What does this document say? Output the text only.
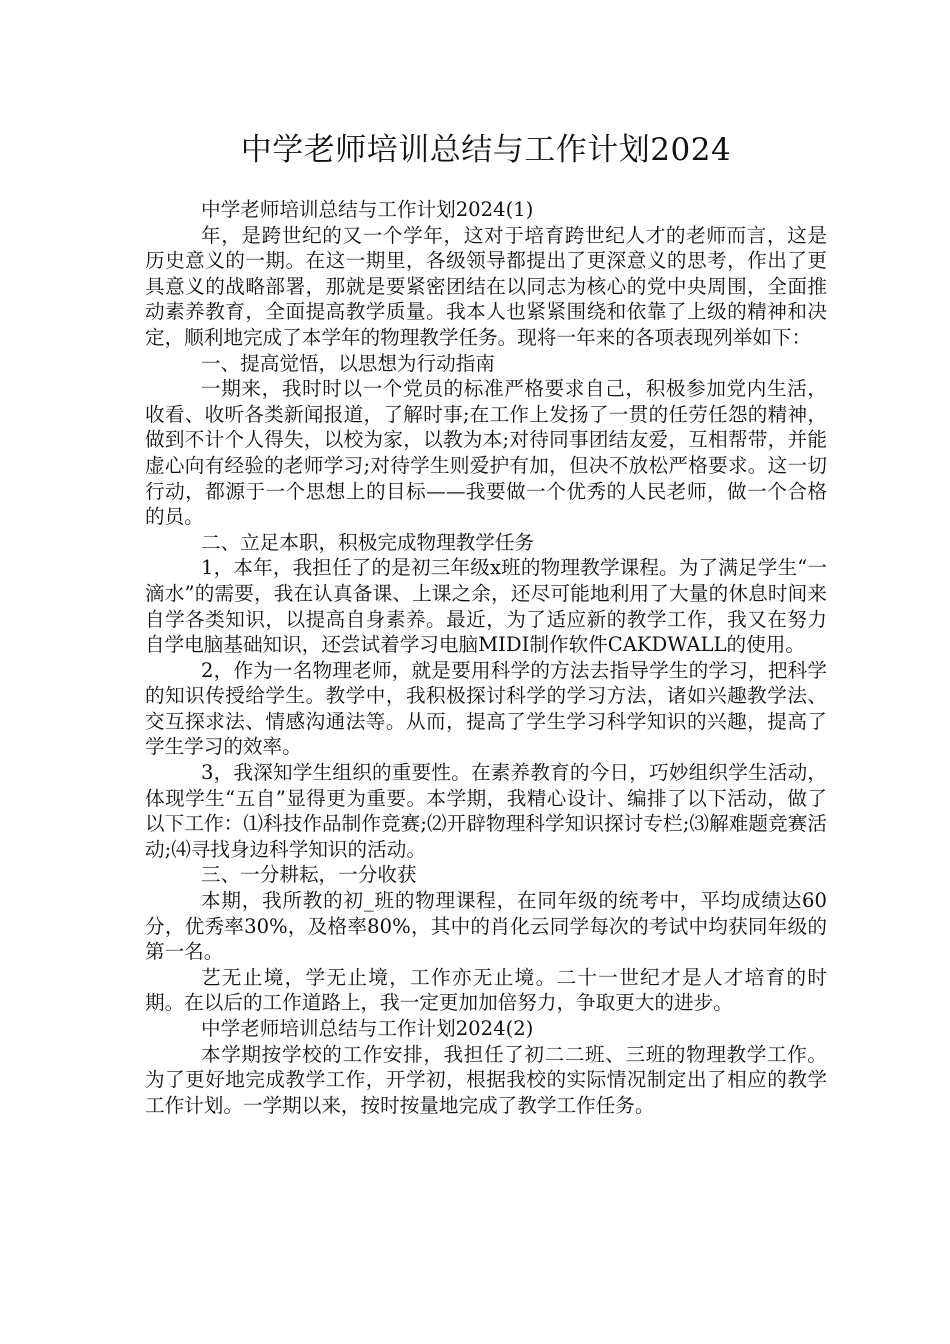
中学老师培训总结与工作计划2024

中学老师培训总结与工作计划2024(1)

年，是跨世纪的又一个学年，这对于培育跨世纪人才的老师而言，这是历史意义的一期。在这一期里，各级领导都提出了更深意义的思考，作出了更具意义的战略部署，那就是要紧密团结在以同志为核心的党中央周围，全面推动素养教育，全面提高教学质量。我本人也紧紧围绕和依靠了上级的精神和决定，顺利地完成了本学年的物理教学任务。现将一年来的各项表现列举如下：

一、提高觉悟，以思想为行动指南

一期来，我时时以一个党员的标准严格要求自己，积极参加党内生活，收看、收听各类新闻报道，了解时事;在工作上发扬了一贯的任劳任怨的精神，做到不计个人得失，以校为家，以教为本;对待同事团结友爱，互相帮带，并能虚心向有经验的老师学习;对待学生则爱护有加，但决不放松严格要求。这一切行动，都源于一个思想上的目标——我要做一个优秀的人民老师，做一个合格的员。

二、立足本职，积极完成物理教学任务

1，本年，我担任了的是初三年级x班的物理教学课程。为了满足学生“一滴水”的需要，我在认真备课、上课之余，还尽可能地利用了大量的休息时间来自学各类知识，以提高自身素养。最近，为了适应新的教学工作，我又在努力自学电脑基础知识，还尝试着学习电脑MIDI制作软件CAKDWALL的使用。

2，作为一名物理老师，就是要用科学的方法去指导学生的学习，把科学的知识传授给学生。教学中，我积极探讨科学的学习方法，诸如兴趣教学法、交互探求法、情感沟通法等。从而，提高了学生学习科学知识的兴趣，提高了学生学习的效率。

3，我深知学生组织的重要性。在素养教育的今日，巧妙组织学生活动，体现学生“五自”显得更为重要。本学期，我精心设计、编排了以下活动，做了以下工作：⑴科技作品制作竞赛;⑵开辟物理科学知识探讨专栏;⑶解难题竞赛活动;⑷寻找身边科学知识的活动。

三、一分耕耘，一分收获

本期，我所教的初_班的物理课程，在同年级的统考中，平均成绩达60分，优秀率30%，及格率80%，其中的肖化云同学每次的考试中均获同年级的第一名。

艺无止境，学无止境，工作亦无止境。二十一世纪才是人才培育的时期。在以后的工作道路上，我一定更加加倍努力，争取更大的进步。

中学老师培训总结与工作计划2024(2)

本学期按学校的工作安排，我担任了初二二班、三班的物理教学工作。为了更好地完成教学工作，开学初，根据我校的实际情况制定出了相应的教学工作计划。一学期以来，按时按量地完成了教学工作任务。
